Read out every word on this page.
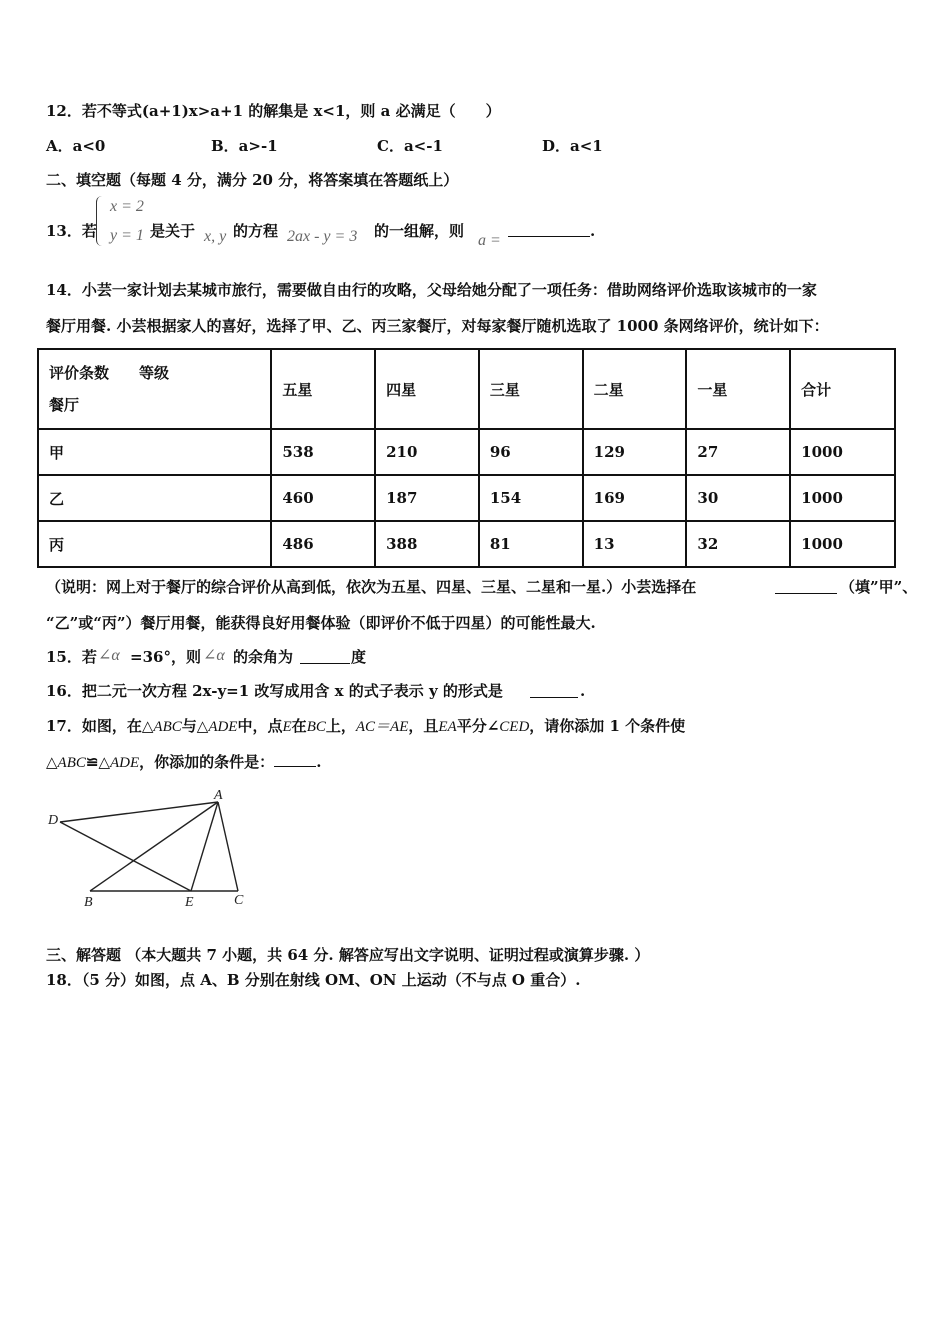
12．若不等式(a+1)x>a+1 的解集是 x<1，则 a 必满足（　　）
A．a<0	B．a>-1	C．a<-1	D．a<1
二、填空题（每题 4 分，满分 20 分，将答案填在答题纸上）
13．若
x = 2
y = 1 是关于 x, y 的方程 2ax - y = 3 的一组解，则
a =
.
14．小芸一家计划去某城市旅行，需要做自由行的攻略，父母给她分配了一项任务：借助网络评价选取该城市的一家
餐厅用餐. 小芸根据家人的喜好，选择了甲、乙、丙三家餐厅，对每家餐厅随机选取了 1000 条网络评价，统计如下：
评价条数　　等级
餐厅	五星	四星	三星	二星	一星	合计
甲	538	210	96	129	27	1000
乙	460	187	154	169	30	1000
丙	486	388	81	13	32	1000
（说明：网上对于餐厅的综合评价从高到低，依次为五星、四星、三星、二星和一星.）小芸选择在	（填”甲”、
“乙”或“丙”）餐厅用餐，能获得良好用餐体验（即评价不低于四星）的可能性最大.
15．若 ∠α =36°，则 ∠α 的余角为	度
16．把二元一次方程 2x-y=1 改写成用含 x 的式子表示 y 的形式是	.
17．如图，在△ABC与△ADE中，点E在BC上，AC＝AE，且EA平分∠CED，请你添加 1 个条件使
△ABC≌△ADE，你添加的条件是：	.
A
D
B	E	C
三、解答题 （本大题共 7 小题，共 64 分. 解答应写出文字说明、证明过程或演算步骤. ）
18．（5 分）如图，点 A、B 分别在射线 OM、ON 上运动（不与点 O 重合）.
